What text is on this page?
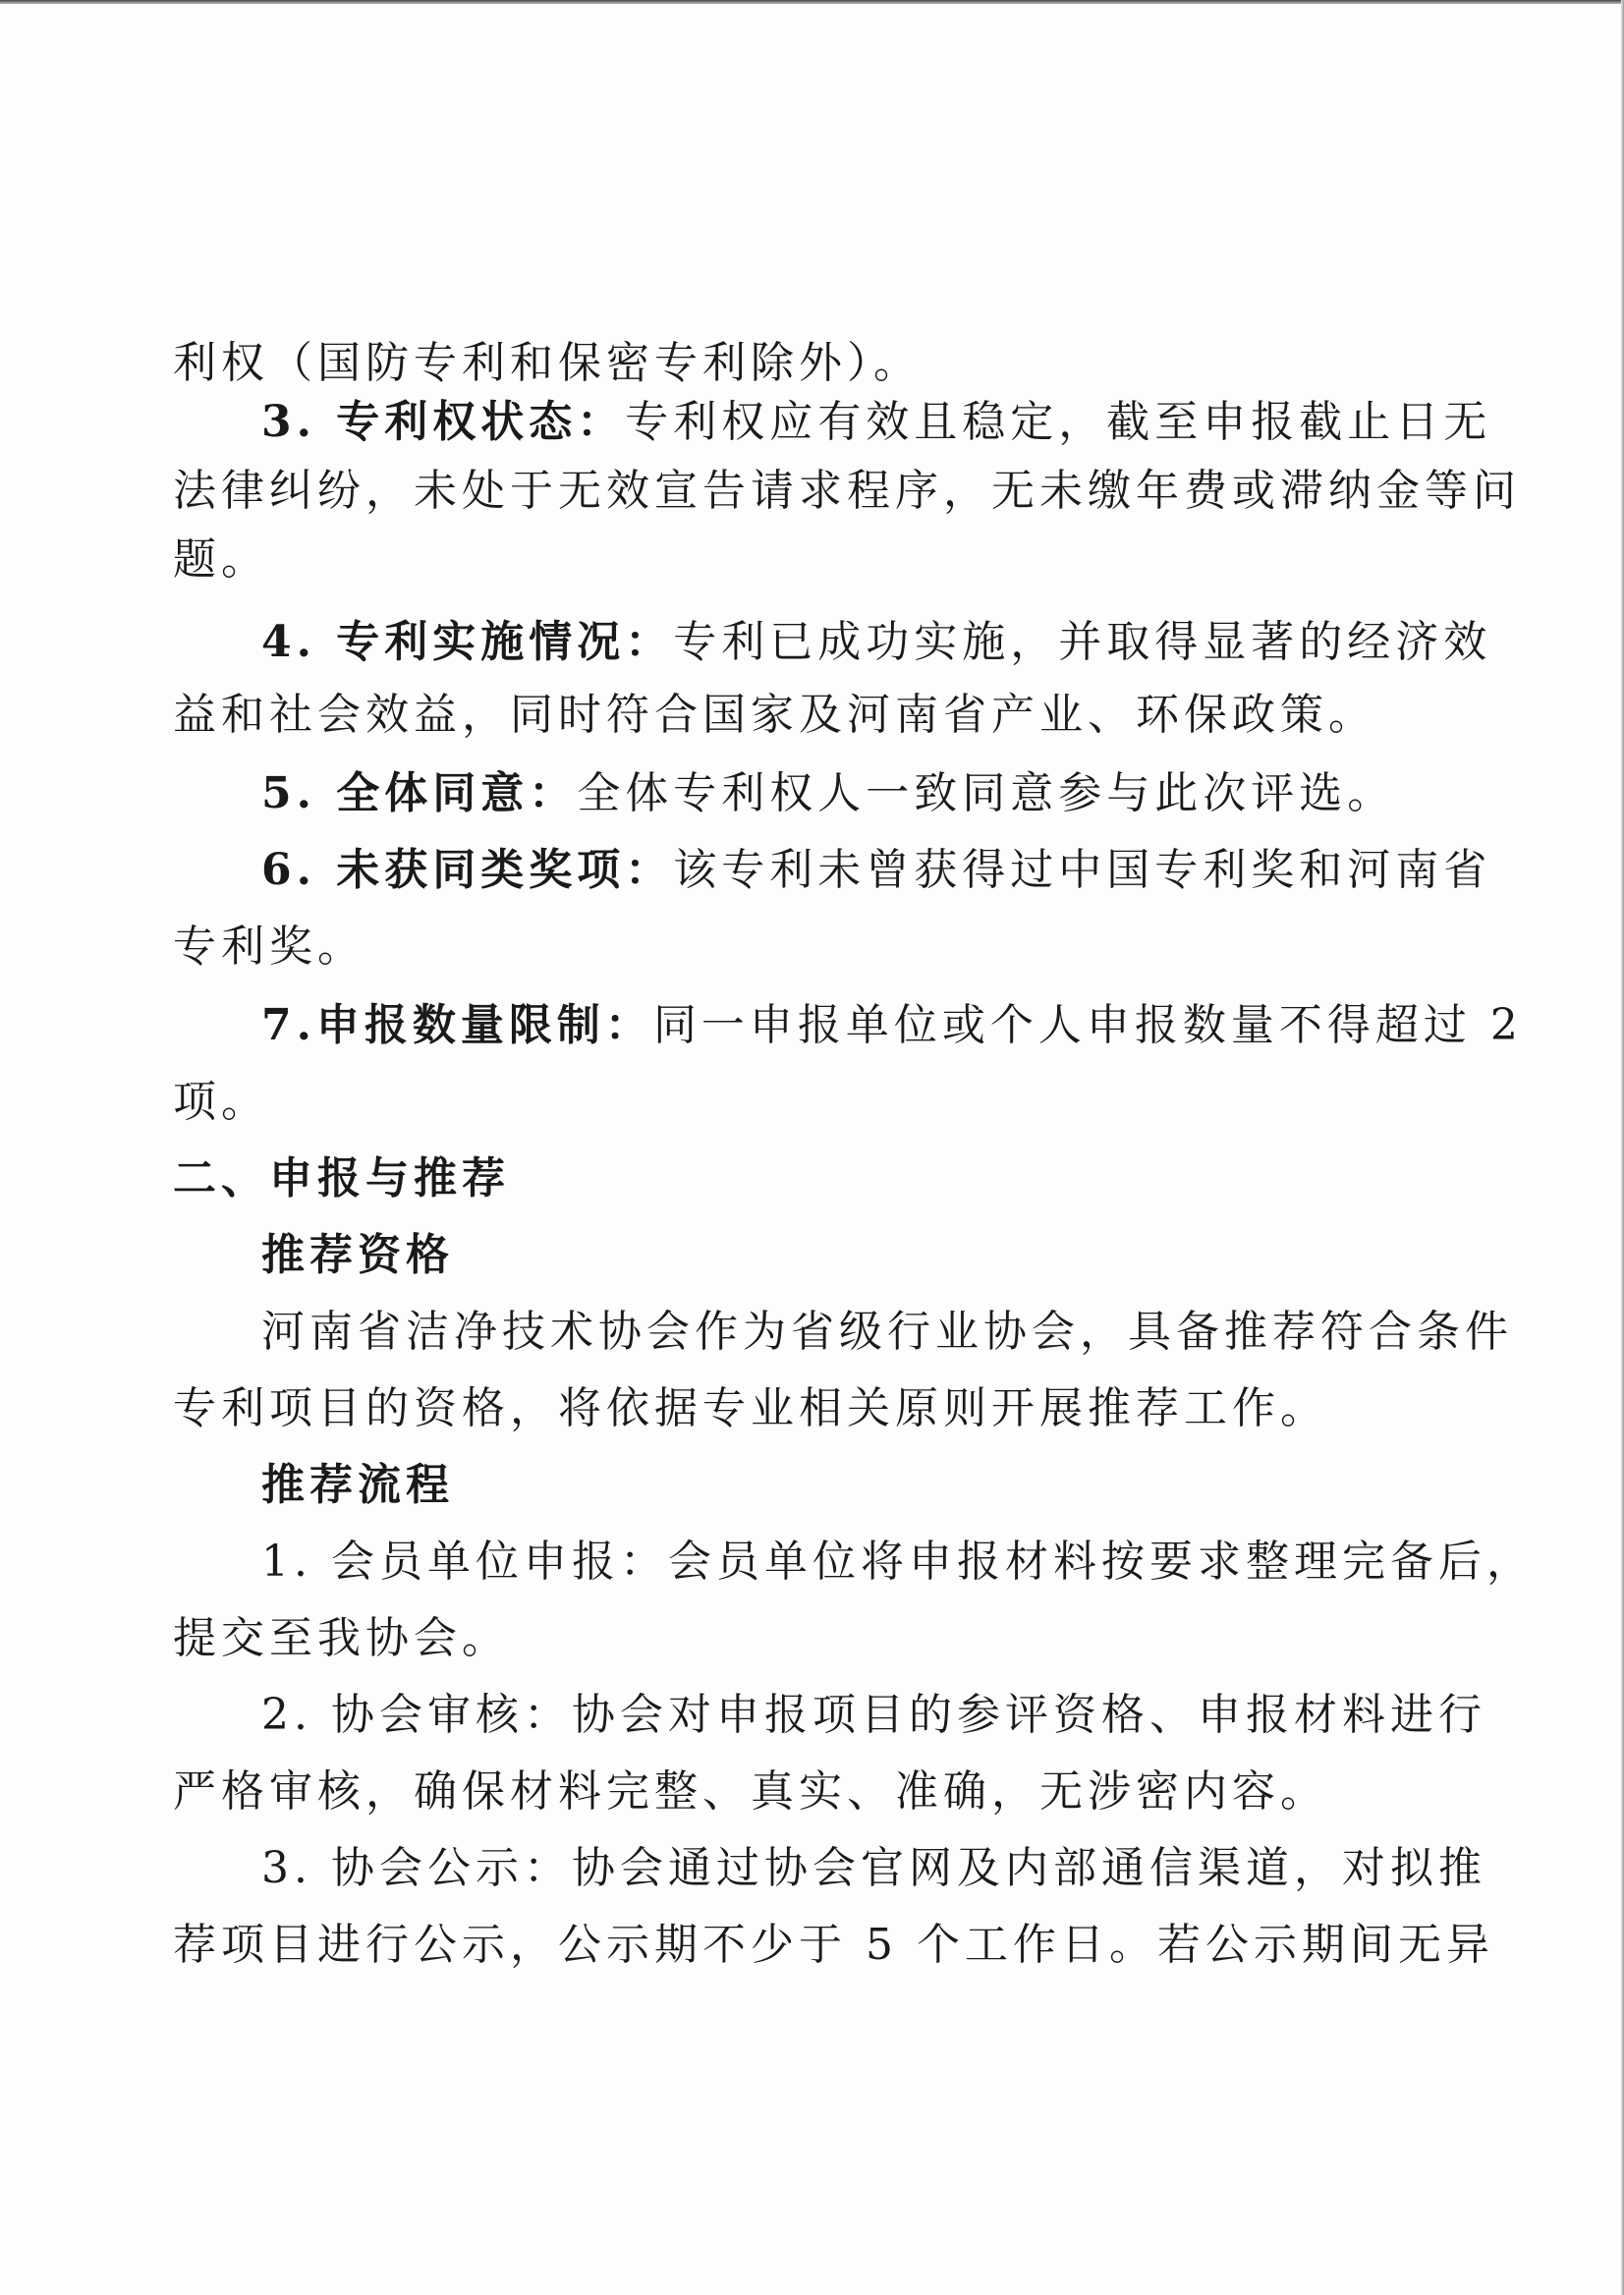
利权（国防专利和保密专利除外）。
3. 专利权状态：专利权应有效且稳定，截至申报截止日无
法律纠纷，未处于无效宣告请求程序，无未缴年费或滞纳金等问
题。
4. 专利实施情况：专利已成功实施，并取得显著的经济效
益和社会效益，同时符合国家及河南省产业、环保政策。
5. 全体同意：全体专利权人一致同意参与此次评选。
6. 未获同类奖项：该专利未曾获得过中国专利奖和河南省
专利奖。
7.申报数量限制：同一申报单位或个人申报数量不得超过 2
项。
二、申报与推荐
推荐资格
河南省洁净技术协会作为省级行业协会，具备推荐符合条件
专利项目的资格，将依据专业相关原则开展推荐工作。
推荐流程
1. 会员单位申报：会员单位将申报材料按要求整理完备后，
提交至我协会。
2. 协会审核：协会对申报项目的参评资格、申报材料进行
严格审核，确保材料完整、真实、准确，无涉密内容。
3. 协会公示：协会通过协会官网及内部通信渠道，对拟推
荐项目进行公示，公示期不少于 5 个工作日。若公示期间无异
